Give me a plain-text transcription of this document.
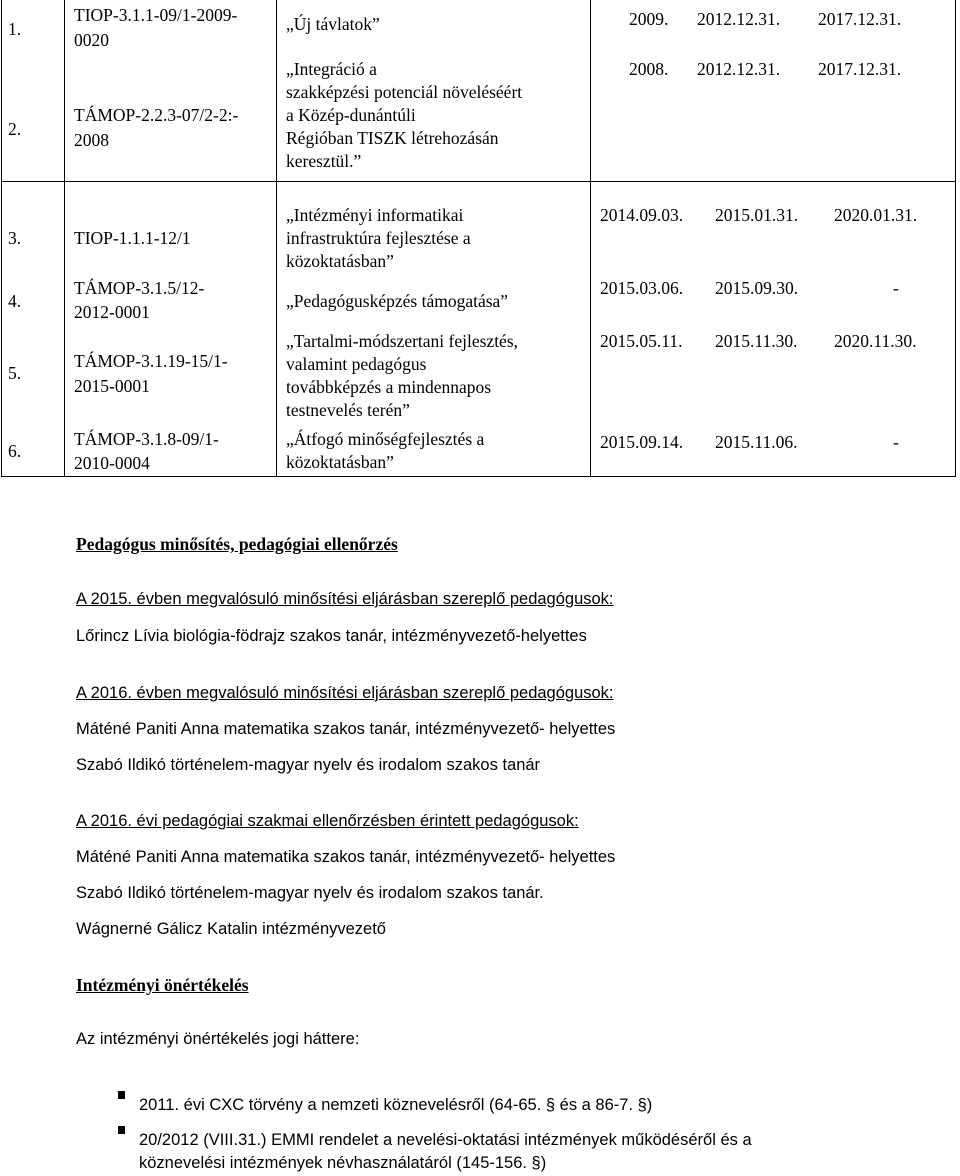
1.
2.
TIOP-3.1.1-09/1-2009-
0020
TÁMOP-2.2.3-07/2-2:-
2008
„Új távlatok”
„Integráció a
szakképzési potenciál növeléséért
a Közép-dunántúli
Régióban TISZK létrehozásán
keresztül.”
2009. 2012.12.31. 2017.12.31.
2008. 2012.12.31. 2017.12.31.
3.
4.
5.
6.
TIOP-1.1.1-12/1
TÁMOP-3.1.5/12-
2012-0001
TÁMOP-3.1.19-15/1-
2015-0001
TÁMOP-3.1.8-09/1-
2010-0004
„Intézményi informatikai
infrastruktúra fejlesztése a
közoktatásban”
„Pedagógusképzés támogatása”
„Tartalmi-módszertani fejlesztés,
valamint pedagógus
továbbképzés a mindennapos
testnevelés terén”
„Átfogó minőségfejlesztés a
közoktatásban”
2014.09.03. 2015.01.31. 2020.01.31.
2015.03.06. 2015.09.30.	-
2015.05.11. 2015.11.30. 2020.11.30.
2015.09.14. 2015.11.06.	-
Pedagógus minősítés, pedagógiai ellenőrzés
A 2015. évben megvalósuló minősítési eljárásban szereplő pedagógusok:
Lőrincz Lívia biológia-födrajz szakos tanár, intézményvezető-helyettes
A 2016. évben megvalósuló minősítési eljárásban szereplő pedagógusok:
Máténé Paniti Anna matematika szakos tanár, intézményvezető- helyettes
Szabó Ildikó történelem-magyar nyelv és irodalom szakos tanár
A 2016. évi pedagógiai szakmai ellenőrzésben érintett pedagógusok:
Máténé Paniti Anna matematika szakos tanár, intézményvezető- helyettes
Szabó Ildikó történelem-magyar nyelv és irodalom szakos tanár.
Wágnerné Gálicz Katalin intézményvezető
Intézményi önértékelés
Az intézményi önértékelés jogi háttere:
2011. évi CXC törvény a nemzeti köznevelésről (64-65. § és a 86-7. §)
20/2012 (VIII.31.) EMMI rendelet a nevelési-oktatási intézmények működéséről és a
köznevelési intézmények névhasználatáról (145-156. §)
